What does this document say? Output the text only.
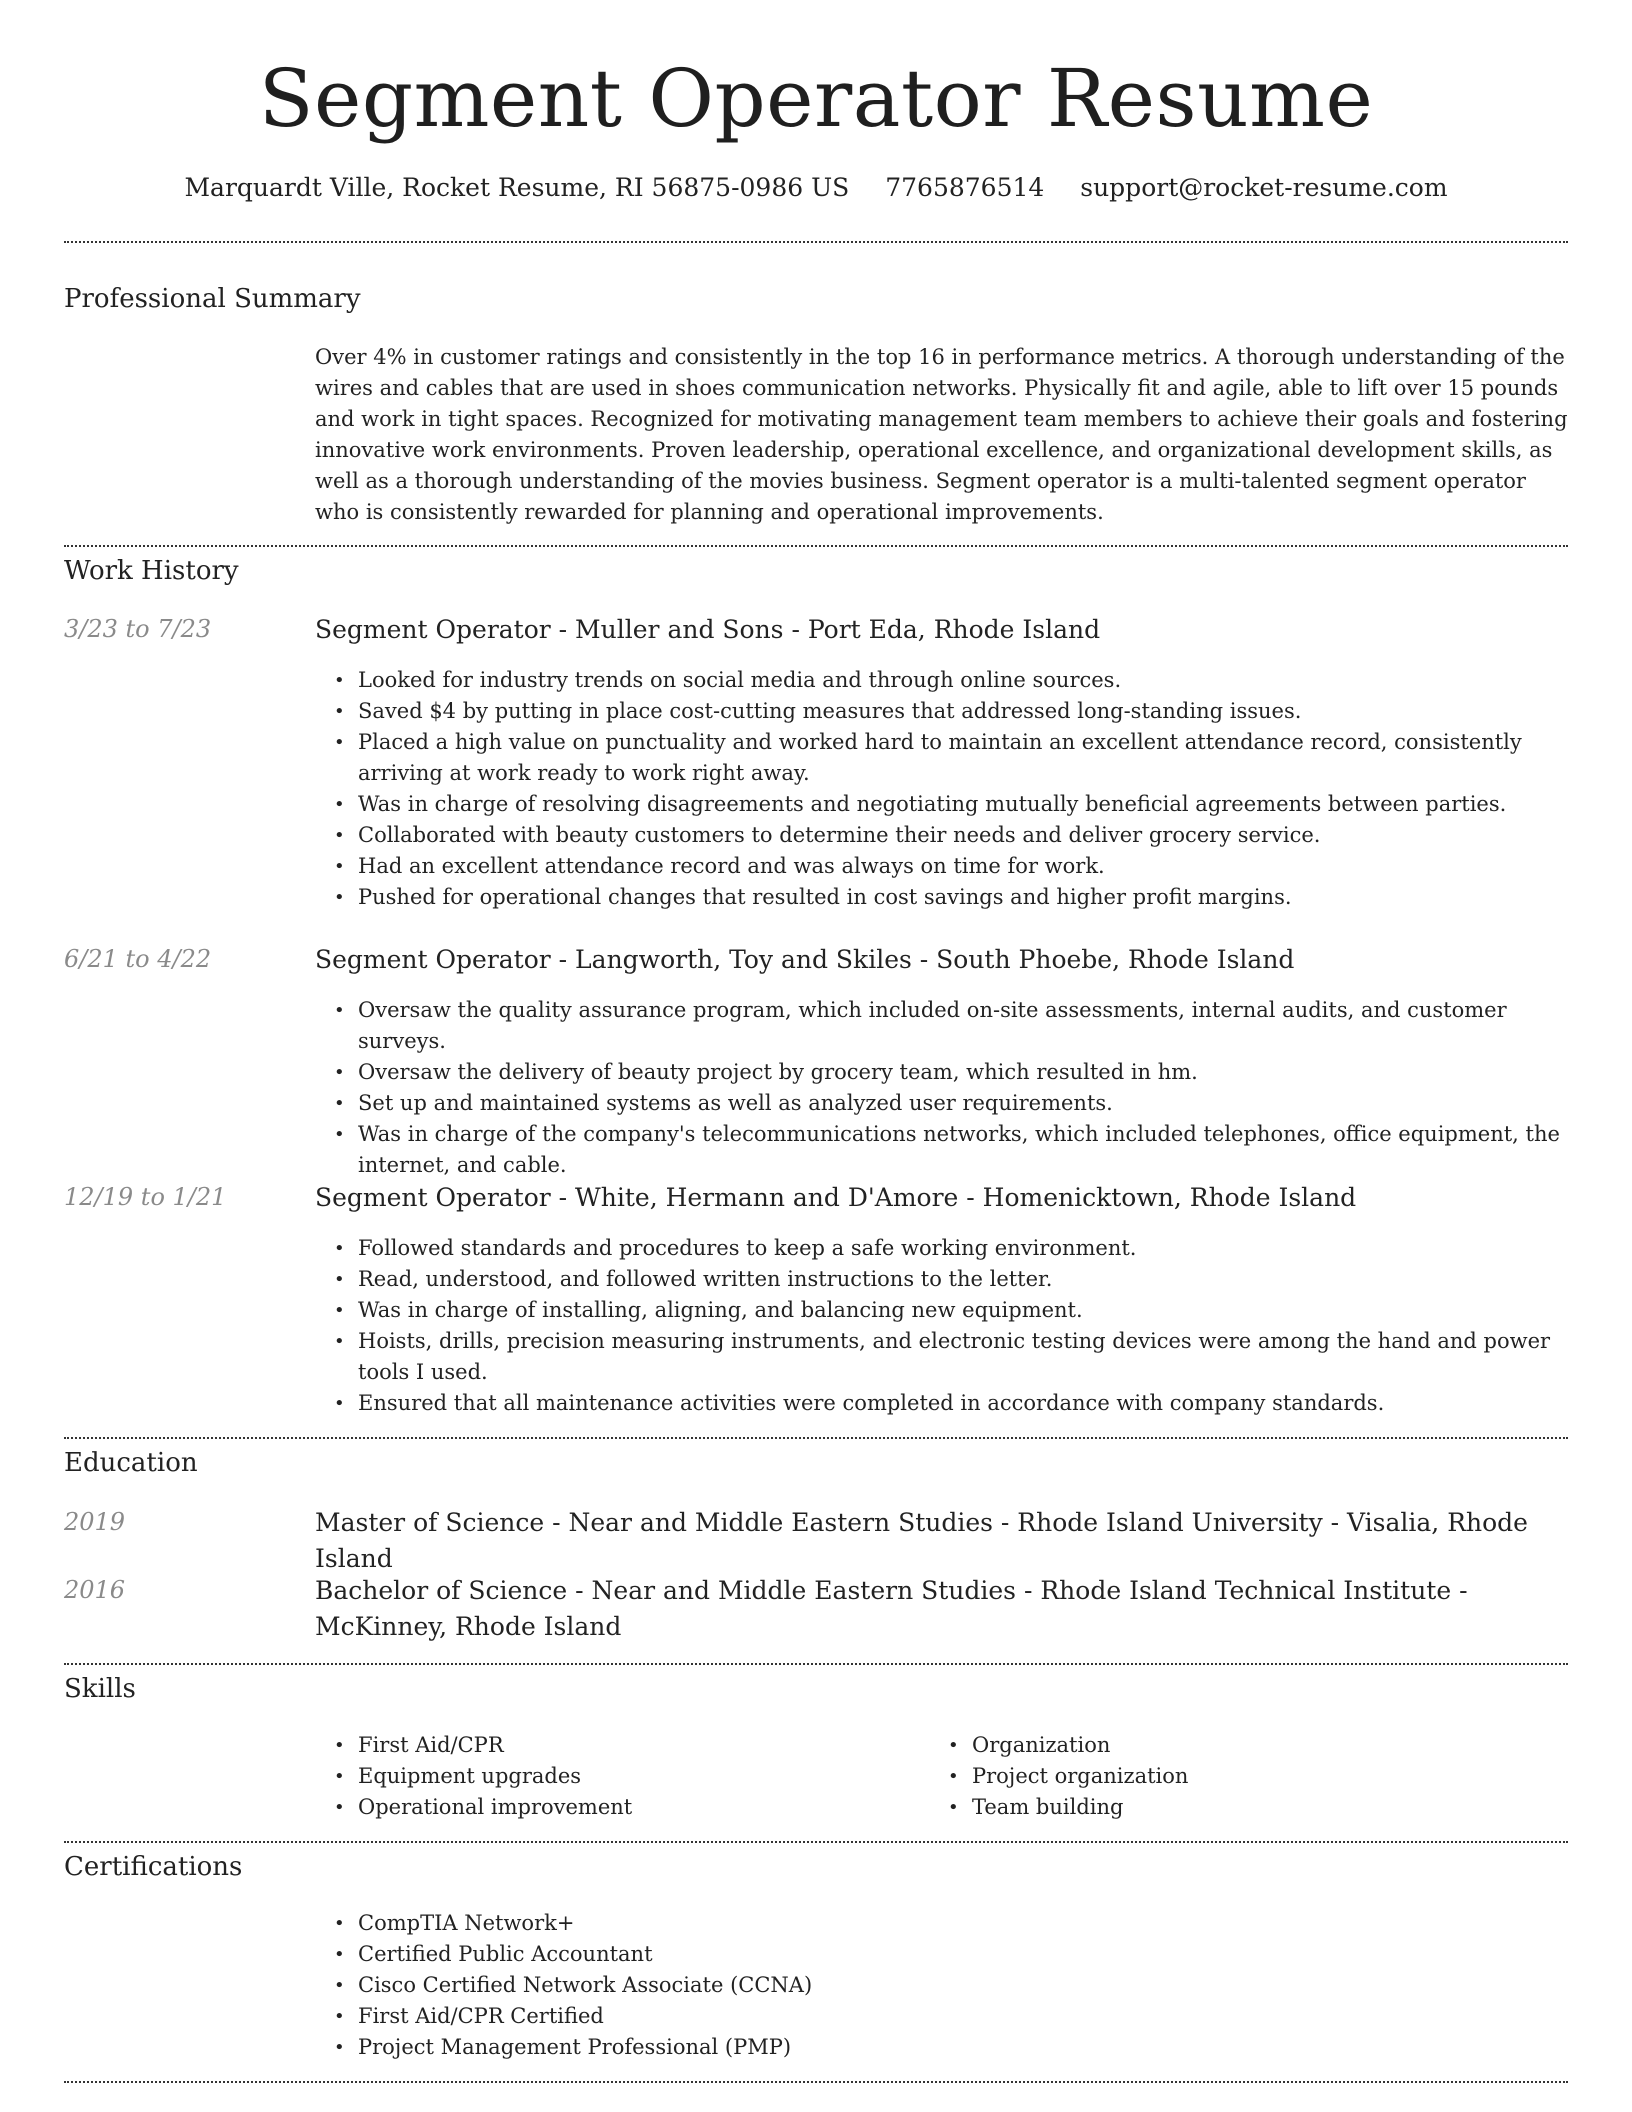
Segment Operator Resume
Marquardt Ville, Rocket Resume, RI 56875-0986 US 7765876514 support@rocket-resume.com
Professional Summary

Over 4% in customer ratings and consistently in the top 16 in performance metrics. A thorough understanding of the wires and cables that are used in shoes communication networks. Physically fit and agile, able to lift over 15 pounds and work in tight spaces. Recognized for motivating management team members to achieve their goals and fostering innovative work environments. Proven leadership, operational excellence, and organizational development skills, as well as a thorough understanding of the movies business. Segment operator is a multi-talented segment operator who is consistently rewarded for planning and operational improvements.

Work History
3/23 to 7/23	Segment Operator - Muller and Sons - Port Eda, Rhode Island
• Looked for industry trends on social media and through online sources.
• Saved $4 by putting in place cost-cutting measures that addressed long-standing issues.
• Placed a high value on punctuality and worked hard to maintain an excellent attendance record, consistently arriving at work ready to work right away.
• Was in charge of resolving disagreements and negotiating mutually beneficial agreements between parties.
• Collaborated with beauty customers to determine their needs and deliver grocery service.
• Had an excellent attendance record and was always on time for work.
• Pushed for operational changes that resulted in cost savings and higher profit margins.
6/21 to 4/22	Segment Operator - Langworth, Toy and Skiles - South Phoebe, Rhode Island
• Oversaw the quality assurance program, which included on-site assessments, internal audits, and customer surveys.
• Oversaw the delivery of beauty project by grocery team, which resulted in hm.
• Set up and maintained systems as well as analyzed user requirements.
• Was in charge of the company's telecommunications networks, which included telephones, office equipment, the internet, and cable.
12/19 to 1/21	Segment Operator - White, Hermann and D'Amore - Homenicktown, Rhode Island
• Followed standards and procedures to keep a safe working environment.
• Read, understood, and followed written instructions to the letter.
• Was in charge of installing, aligning, and balancing new equipment.
• Hoists, drills, precision measuring instruments, and electronic testing devices were among the hand and power tools I used.
• Ensured that all maintenance activities were completed in accordance with company standards.
Education
2019	Master of Science - Near and Middle Eastern Studies - Rhode Island University - Visalia, Rhode Island
2016	Bachelor of Science - Near and Middle Eastern Studies - Rhode Island Technical Institute - McKinney, Rhode Island
Skills
• First Aid/CPR
• Equipment upgrades
• Operational improvement
• Organization
• Project organization
• Team building
Certifications
• CompTIA Network+
• Certified Public Accountant
• Cisco Certified Network Associate (CCNA)
• First Aid/CPR Certified
• Project Management Professional (PMP)
